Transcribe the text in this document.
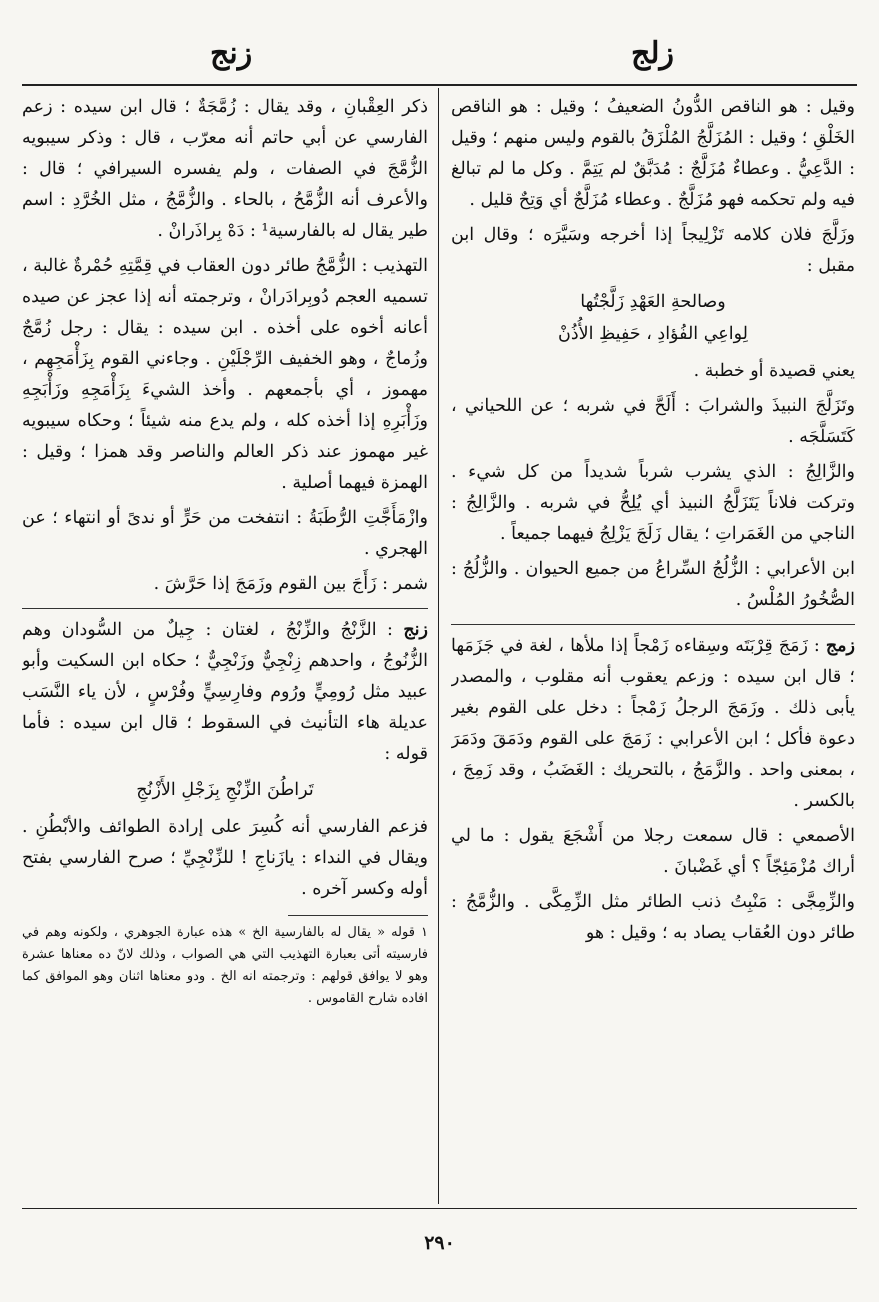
زلج
زنج

وقيل : هو الناقص الدُّونُ الضعيفُ ؛ وقيل : هو الناقص الخَلْقِ ؛ وقيل : المُزَلَّجُ المُلْزَقُ بالقوم وليس منهم ؛ وقيل : الدَّعِيُّ . وعطاءٌ مُزَلَّجٌ : مُدَبَّقٌ لم يَتِمَّ . وكل ما لم تبالغ فيه ولم تحكمه فهو مُزَلَّجٌ . وعطاء مُزَلَّجٌ أي وَتِحٌ قليل .

وزَلَّجَ فلان كلامه تَزْلِيجاً إذا أخرجه وسَيَّرَه ؛ وقال ابن مقبل :

وصالحةِ العَهْدِ زَلَّجْتُها
لِواعِي الفُؤادِ ، حَفِيظِ الأُذُنْ

يعني قصيدة أو خطبة .

وتَزَلَّجَ النبيذَ والشرابَ : أَلَحَّ في شربه ؛ عن اللحياني ، كَتَسَلَّجَه .

والزَّالِجُ : الذي يشرب شرباً شديداً من كل شيء . وتركت فلاناً يَتَزَلَّجُ النبيذ أي يُلِحُّ في شربه . والزَّالِجُ : الناجي من الغَمَراتِ ؛ يقال زَلَجَ يَزْلِجُ فيهما جميعاً .

ابن الأعرابي : الزُّلُجُ السِّراعُ من جميع الحيوان . والزُّلُجُ : الصُّخُورُ المُلْسُ .

زمج : زَمَجَ قِرْبَتَه وسِقاءه زَمْجاً إذا ملأها ، لغة في جَزَمَها ؛ قال ابن سيده : وزعم يعقوب أنه مقلوب ، والمصدر يأبى ذلك . وزَمَجَ الرجلُ زَمْجاً : دخل على القوم بغير دعوة فأكل ؛ ابن الأعرابي : زَمَجَ على القوم ودَمَقَ ودَمَرَ ، بمعنى واحد . والزَّمَجُ ، بالتحريك : الغَضَبُ ، وقد زَمِجَ ، بالكسر .

الأصمعي : قال سمعت رجلا من أَشْجَعَ يقول : ما لي أراك مُزْمَئِجّاً ؟ أي غَضْبانَ .

والزِّمِجَّى : مَنْبِتُ ذنب الطائر مثل الزِّمِكَّى . والزُّمَّجُ : طائر دون العُقاب يصاد به ؛ وقيل : هو

ذكر العِقْبانِ ، وقد يقال : زُمَّجَةٌ ؛ قال ابن سيده : زعم الفارسي عن أبي حاتم أنه معرّب ، قال : وذكر سيبويه الزُّمَّجَ في الصفات ، ولم يفسره السيرافي ؛ قال : والأعرف أنه الزُّمَّحُ ، بالحاء . والزُّمَّجُ ، مثل الخُرَّدِ : اسم طير يقال له بالفارسية¹ : دَهْ بِراذَرانْ .

التهذيب : الزُّمَّجُ طائر دون العقاب في قِمَّتِهِ حُمْرةٌ غالبة ، تسميه العجم دُوبِرادَرانْ ، وترجمته أنه إذا عجز عن صيده أعانه أخوه على أخذه . ابن سيده : يقال : رجل زُمَّجٌ وزُماجٌ ، وهو الخفيف الرِّجْلَيْنِ . وجاءني القوم بِزَأْمَجِهِم ، مهموز ، أي بأجمعهم . وأخذ الشيءَ بِزَأْمَجِهِ وزَأْبَجِهِ وزَأْبَرِهِ إذا أخذه كله ، ولم يدع منه شيئاً ؛ وحكاه سيبويه غير مهموز عند ذكر العالم والناصر وقد همزا ؛ وقيل : الهمزة فيهما أصلية .

وازْمَأَجَّتِ الرُّطَبَةُ : انتفخت من حَرٍّ أو ندىً أو انتهاء ؛ عن الهجري .

شمر : زَأَجَ بين القوم وزَمَجَ إذا حَرَّشَ .

زنج : الزَّنْجُ والزِّنْجُ ، لغتان : جِيلٌ من السُّودان وهم الزُّنُوجُ ، واحدهم زِنْجِيٌّ وزَنْجِيٌّ ؛ حكاه ابن السكيت وأبو عبيد مثل رُومِيٍّ ورُوم وفارِسِيٍّ وفُرْسٍ ، لأن ياء النَّسَب عديلة هاء التأنيث في السقوط ؛ قال ابن سيده : فأما قوله :

تَراطُنَ الزِّنْجِ بِزَجْلِ الأَزْنُجِ

فزعم الفارسي أنه كُسِرَ على إرادة الطوائف والأبْطُنِ . ويقال في النداء : يازَناجِ ! للزِّنْجِيِّ ؛ صرح الفارسي بفتح أوله وكسر آخره .

١ قوله « يقال له بالفارسية الخ » هذه عبارة الجوهري ، ولكونه وهم في فارسيته أتى بعبارة التهذيب التي هي الصواب ، وذلك لانّ ده معناها عشرة وهو لا يوافق قولهم : وترجمته انه الخ . ودو معناها اثنان وهو الموافق كما افاده شارح القاموس .
٢٩٠
